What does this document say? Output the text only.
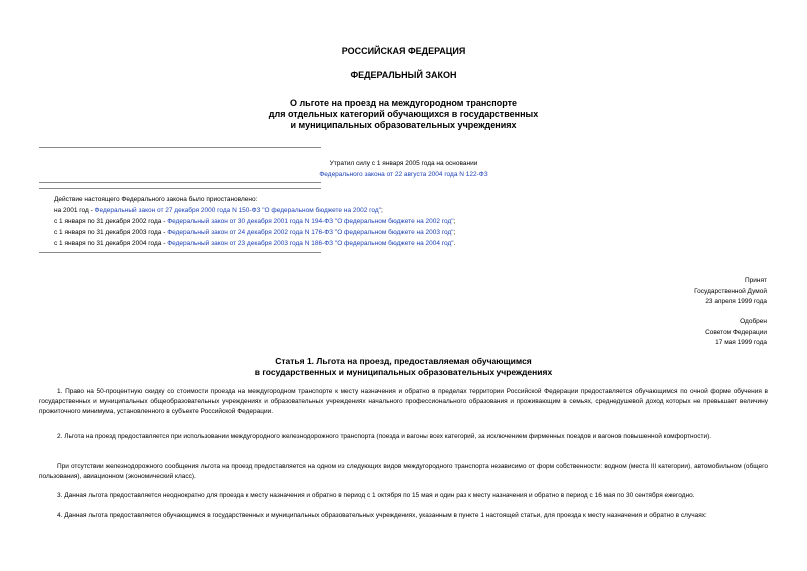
РОССИЙСКАЯ ФЕДЕРАЦИЯ
ФЕДЕРАЛЬНЫЙ ЗАКОН
О льготе на проезд на междугородном транспорте
для отдельных категорий обучающихся в государственных
и муниципальных образовательных учреждениях
Утратил силу с 1 января 2005 года на основании
Федерального закона от 22 августа 2004 года N 122-ФЗ
Действие настоящего Федерального закона было приостановлено:
на 2001 год - Федеральный закон от 27 декабря 2000 года N 150-ФЗ "О федеральном бюджете на 2002 год";
с 1 января по 31 декабря 2002 года - Федеральный закон от 30 декабря 2001 года N 194-ФЗ "О федеральном бюджете на 2002 год";
с 1 января по 31 декабря 2003 года - Федеральный закон от 24 декабря 2002 года N 176-ФЗ "О федеральном бюджете на 2003 год";
с 1 января по 31 декабря 2004 года - Федеральный закон от 23 декабря 2003 года N 186-ФЗ "О федеральном бюджете на 2004 год".
Принят
Государственной Думой
23 апреля 1999 года
Одобрен
Советом Федерации
17 мая 1999 года
Статья 1. Льгота на проезд, предоставляемая обучающимся
в государственных и муниципальных образовательных учреждениях
1. Право на 50-процентную скидку со стоимости проезда на междугородном транспорте к месту назначения и обратно в пределах территории Российской Федерации предоставляется обучающимся по очной форме обучения в государственных и муниципальных общеобразовательных учреждениях и образовательных учреждениях начального профессионального образования и проживающим в семьях, среднедушевой доход которых не превышает величину прожиточного минимума, установленного в субъекте Российской Федерации.
2. Льгота на проезд предоставляется при использовании междугородного железнодорожного транспорта (поезда и вагоны всех категорий, за исключением фирменных поездов и вагонов повышенной комфортности).
При отсутствии железнодорожного сообщения льгота на проезд предоставляется на одном из следующих видов междугородного транспорта независимо от форм собственности: водном (места III категории), автомобильном (общего пользования), авиационном (экономический класс).
3. Данная льгота предоставляется неоднократно для проезда к месту назначения и обратно в период с 1 октября по 15 мая и один раз к месту назначения и обратно в период с 16 мая по 30 сентября ежегодно.
4. Данная льгота предоставляется обучающимся в государственных и муниципальных образовательных учреждениях, указанным в пункте 1 настоящей статьи, для проезда к месту назначения и обратно в случаях:
